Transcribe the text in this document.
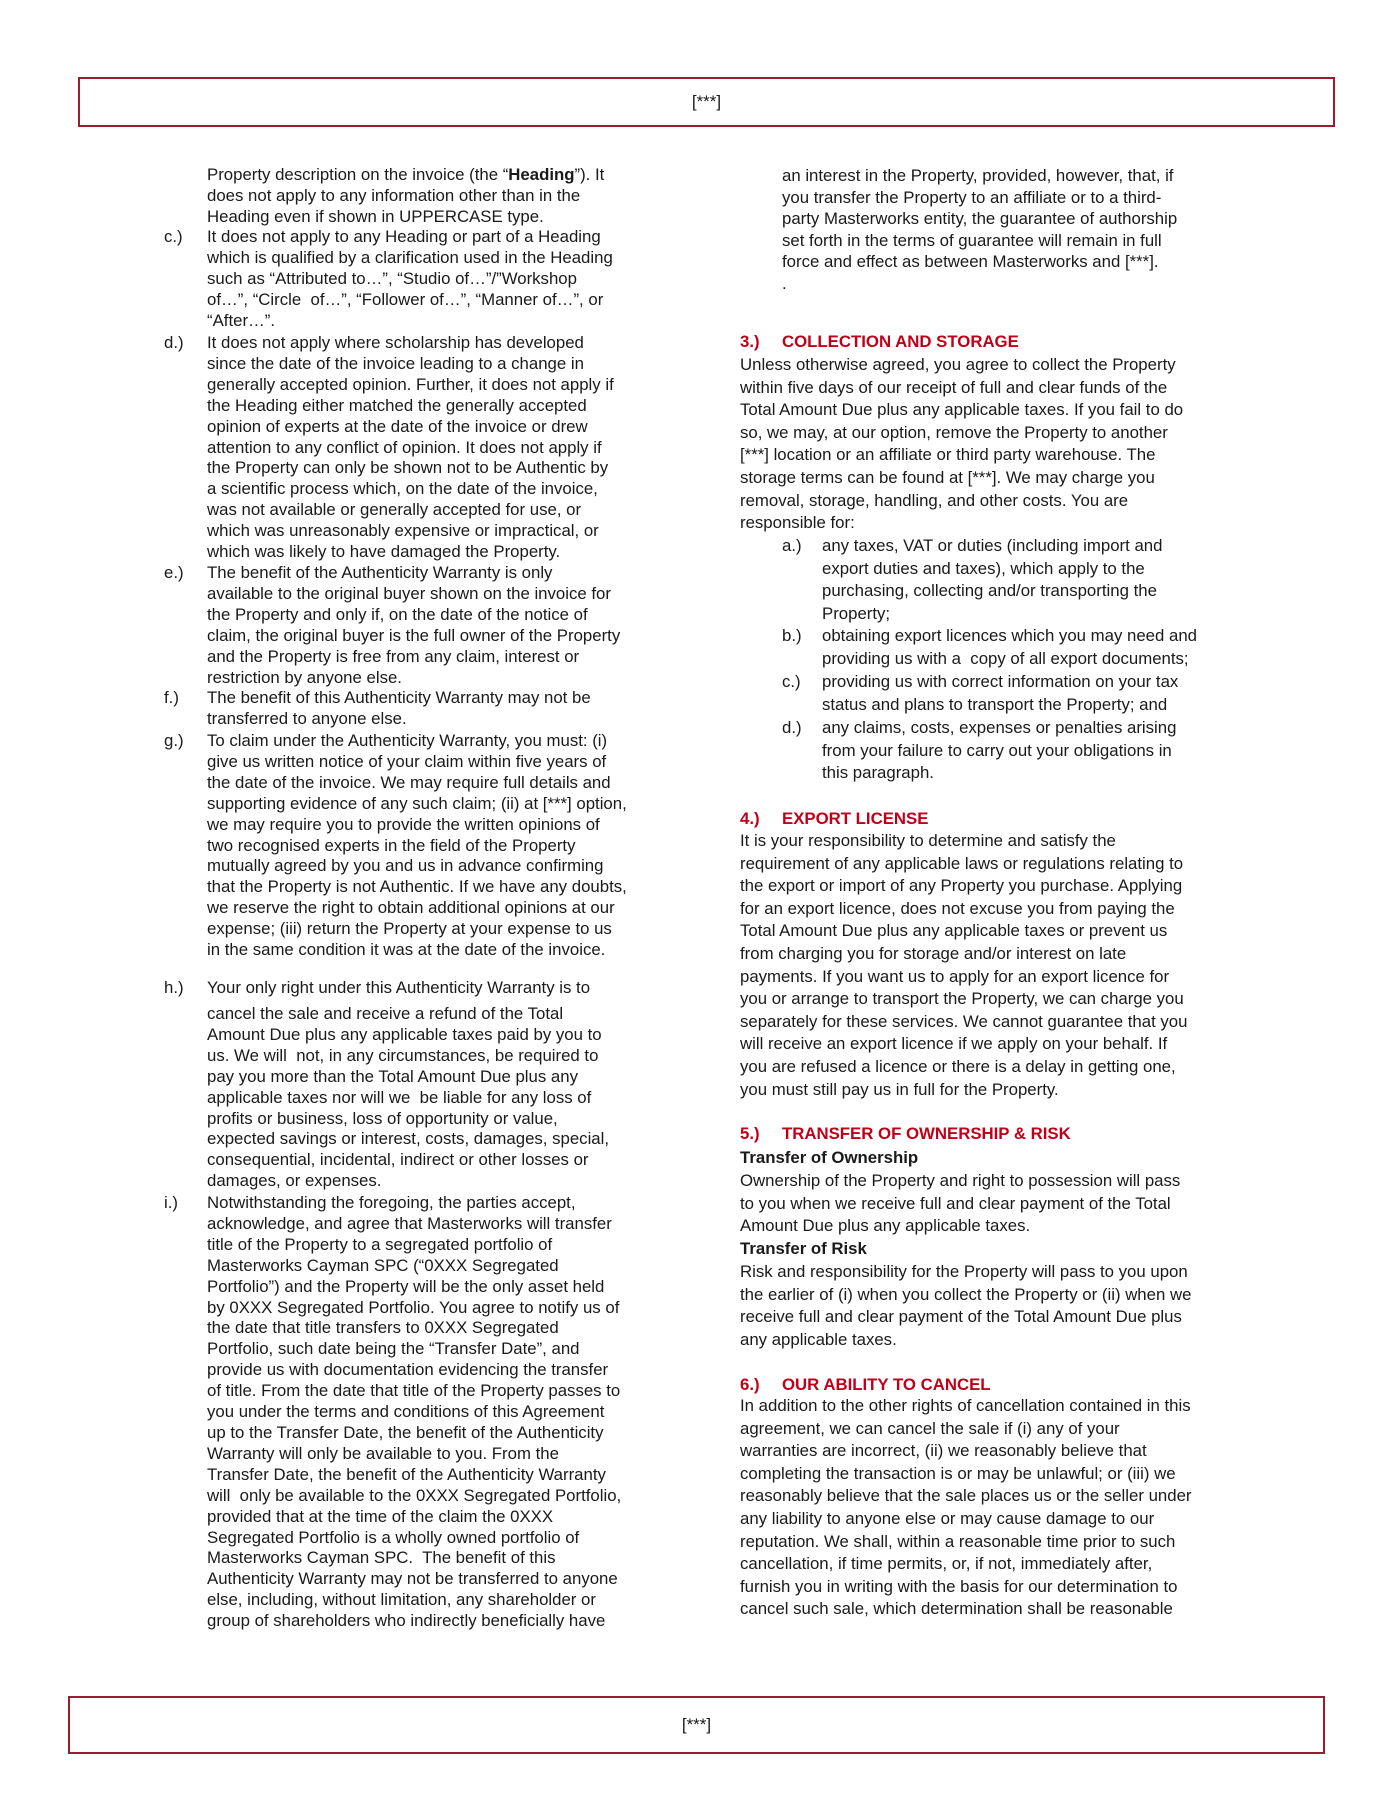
[***]
Property description on the invoice (the “Heading”). It
does not apply to any information other than in the
Heading even if shown in UPPERCASE type.
c.) It does not apply to any Heading or part of a Heading
which is qualified by a clarification used in the Heading
such as “Attributed to…”, “Studio of…”/”Workshop
of…”, “Circle  of…”, “Follower of…”, “Manner of…”, or
“After…”.
d.) It does not apply where scholarship has developed
since the date of the invoice leading to a change in
generally accepted opinion. Further, it does not apply if
the Heading either matched the generally accepted
opinion of experts at the date of the invoice or drew
attention to any conflict of opinion. It does not apply if
the Property can only be shown not to be Authentic by
a scientific process which, on the date of the invoice,
was not available or generally accepted for use, or
which was unreasonably expensive or impractical, or
which was likely to have damaged the Property.
e.) The benefit of the Authenticity Warranty is only
available to the original buyer shown on the invoice for
the Property and only if, on the date of the notice of
claim, the original buyer is the full owner of the Property
and the Property is free from any claim, interest or
restriction by anyone else.
f.) The benefit of this Authenticity Warranty may not be
transferred to anyone else.
g.) To claim under the Authenticity Warranty, you must: (i)
give us written notice of your claim within five years of
the date of the invoice. We may require full details and
supporting evidence of any such claim; (ii) at [***] option,
we may require you to provide the written opinions of
two recognised experts in the field of the Property
mutually agreed by you and us in advance confirming
that the Property is not Authentic. If we have any doubts,
we reserve the right to obtain additional opinions at our
expense; (iii) return the Property at your expense to us
in the same condition it was at the date of the invoice.
h.) Your only right under this Authenticity Warranty is to
cancel the sale and receive a refund of the Total
Amount Due plus any applicable taxes paid by you to
us. We will  not, in any circumstances, be required to
pay you more than the Total Amount Due plus any
applicable taxes nor will we  be liable for any loss of
profits or business, loss of opportunity or value,
expected savings or interest, costs, damages, special,
consequential, incidental, indirect or other losses or
damages, or expenses.
i.) Notwithstanding the foregoing, the parties accept,
acknowledge, and agree that Masterworks will transfer
title of the Property to a segregated portfolio of
Masterworks Cayman SPC (“0XXX Segregated
Portfolio”) and the Property will be the only asset held
by 0XXX Segregated Portfolio. You agree to notify us of
the date that title transfers to 0XXX Segregated
Portfolio, such date being the “Transfer Date”, and
provide us with documentation evidencing the transfer
of title. From the date that title of the Property passes to
you under the terms and conditions of this Agreement
up to the Transfer Date, the benefit of the Authenticity
Warranty will only be available to you. From the
Transfer Date, the benefit of the Authenticity Warranty
will  only be available to the 0XXX Segregated Portfolio,
provided that at the time of the claim the 0XXX
Segregated Portfolio is a wholly owned portfolio of
Masterworks Cayman SPC.  The benefit of this
Authenticity Warranty may not be transferred to anyone
else, including, without limitation, any shareholder or
group of shareholders who indirectly beneficially have
an interest in the Property, provided, however, that, if
you transfer the Property to an affiliate or to a third-
party Masterworks entity, the guarantee of authorship
set forth in the terms of guarantee will remain in full
force and effect as between Masterworks and [***].
.
3.) COLLECTION AND STORAGE
Unless otherwise agreed, you agree to collect the Property
within five days of our receipt of full and clear funds of the
Total Amount Due plus any applicable taxes. If you fail to do
so, we may, at our option, remove the Property to another
[***] location or an affiliate or third party warehouse. The
storage terms can be found at [***]. We may charge you
removal, storage, handling, and other costs. You are
responsible for:
a.) any taxes, VAT or duties (including import and
export duties and taxes), which apply to the
purchasing, collecting and/or transporting the
Property;
b.) obtaining export licences which you may need and
providing us with a  copy of all export documents;
c.) providing us with correct information on your tax
status and plans to transport the Property; and
d.) any claims, costs, expenses or penalties arising
from your failure to carry out your obligations in
this paragraph.
4.) EXPORT LICENSE
It is your responsibility to determine and satisfy the
requirement of any applicable laws or regulations relating to
the export or import of any Property you purchase. Applying
for an export licence, does not excuse you from paying the
Total Amount Due plus any applicable taxes or prevent us
from charging you for storage and/or interest on late
payments. If you want us to apply for an export licence for
you or arrange to transport the Property, we can charge you
separately for these services. We cannot guarantee that you
will receive an export licence if we apply on your behalf. If
you are refused a licence or there is a delay in getting one,
you must still pay us in full for the Property.
5.) TRANSFER OF OWNERSHIP & RISK
Transfer of Ownership
Ownership of the Property and right to possession will pass
to you when we receive full and clear payment of the Total
Amount Due plus any applicable taxes.
Transfer of Risk
Risk and responsibility for the Property will pass to you upon
the earlier of (i) when you collect the Property or (ii) when we
receive full and clear payment of the Total Amount Due plus
any applicable taxes.
6.) OUR ABILITY TO CANCEL
In addition to the other rights of cancellation contained in this
agreement, we can cancel the sale if (i) any of your
warranties are incorrect, (ii) we reasonably believe that
completing the transaction is or may be unlawful; or (iii) we
reasonably believe that the sale places us or the seller under
any liability to anyone else or may cause damage to our
reputation. We shall, within a reasonable time prior to such
cancellation, if time permits, or, if not, immediately after,
furnish you in writing with the basis for our determination to
cancel such sale, which determination shall be reasonable
[***]
